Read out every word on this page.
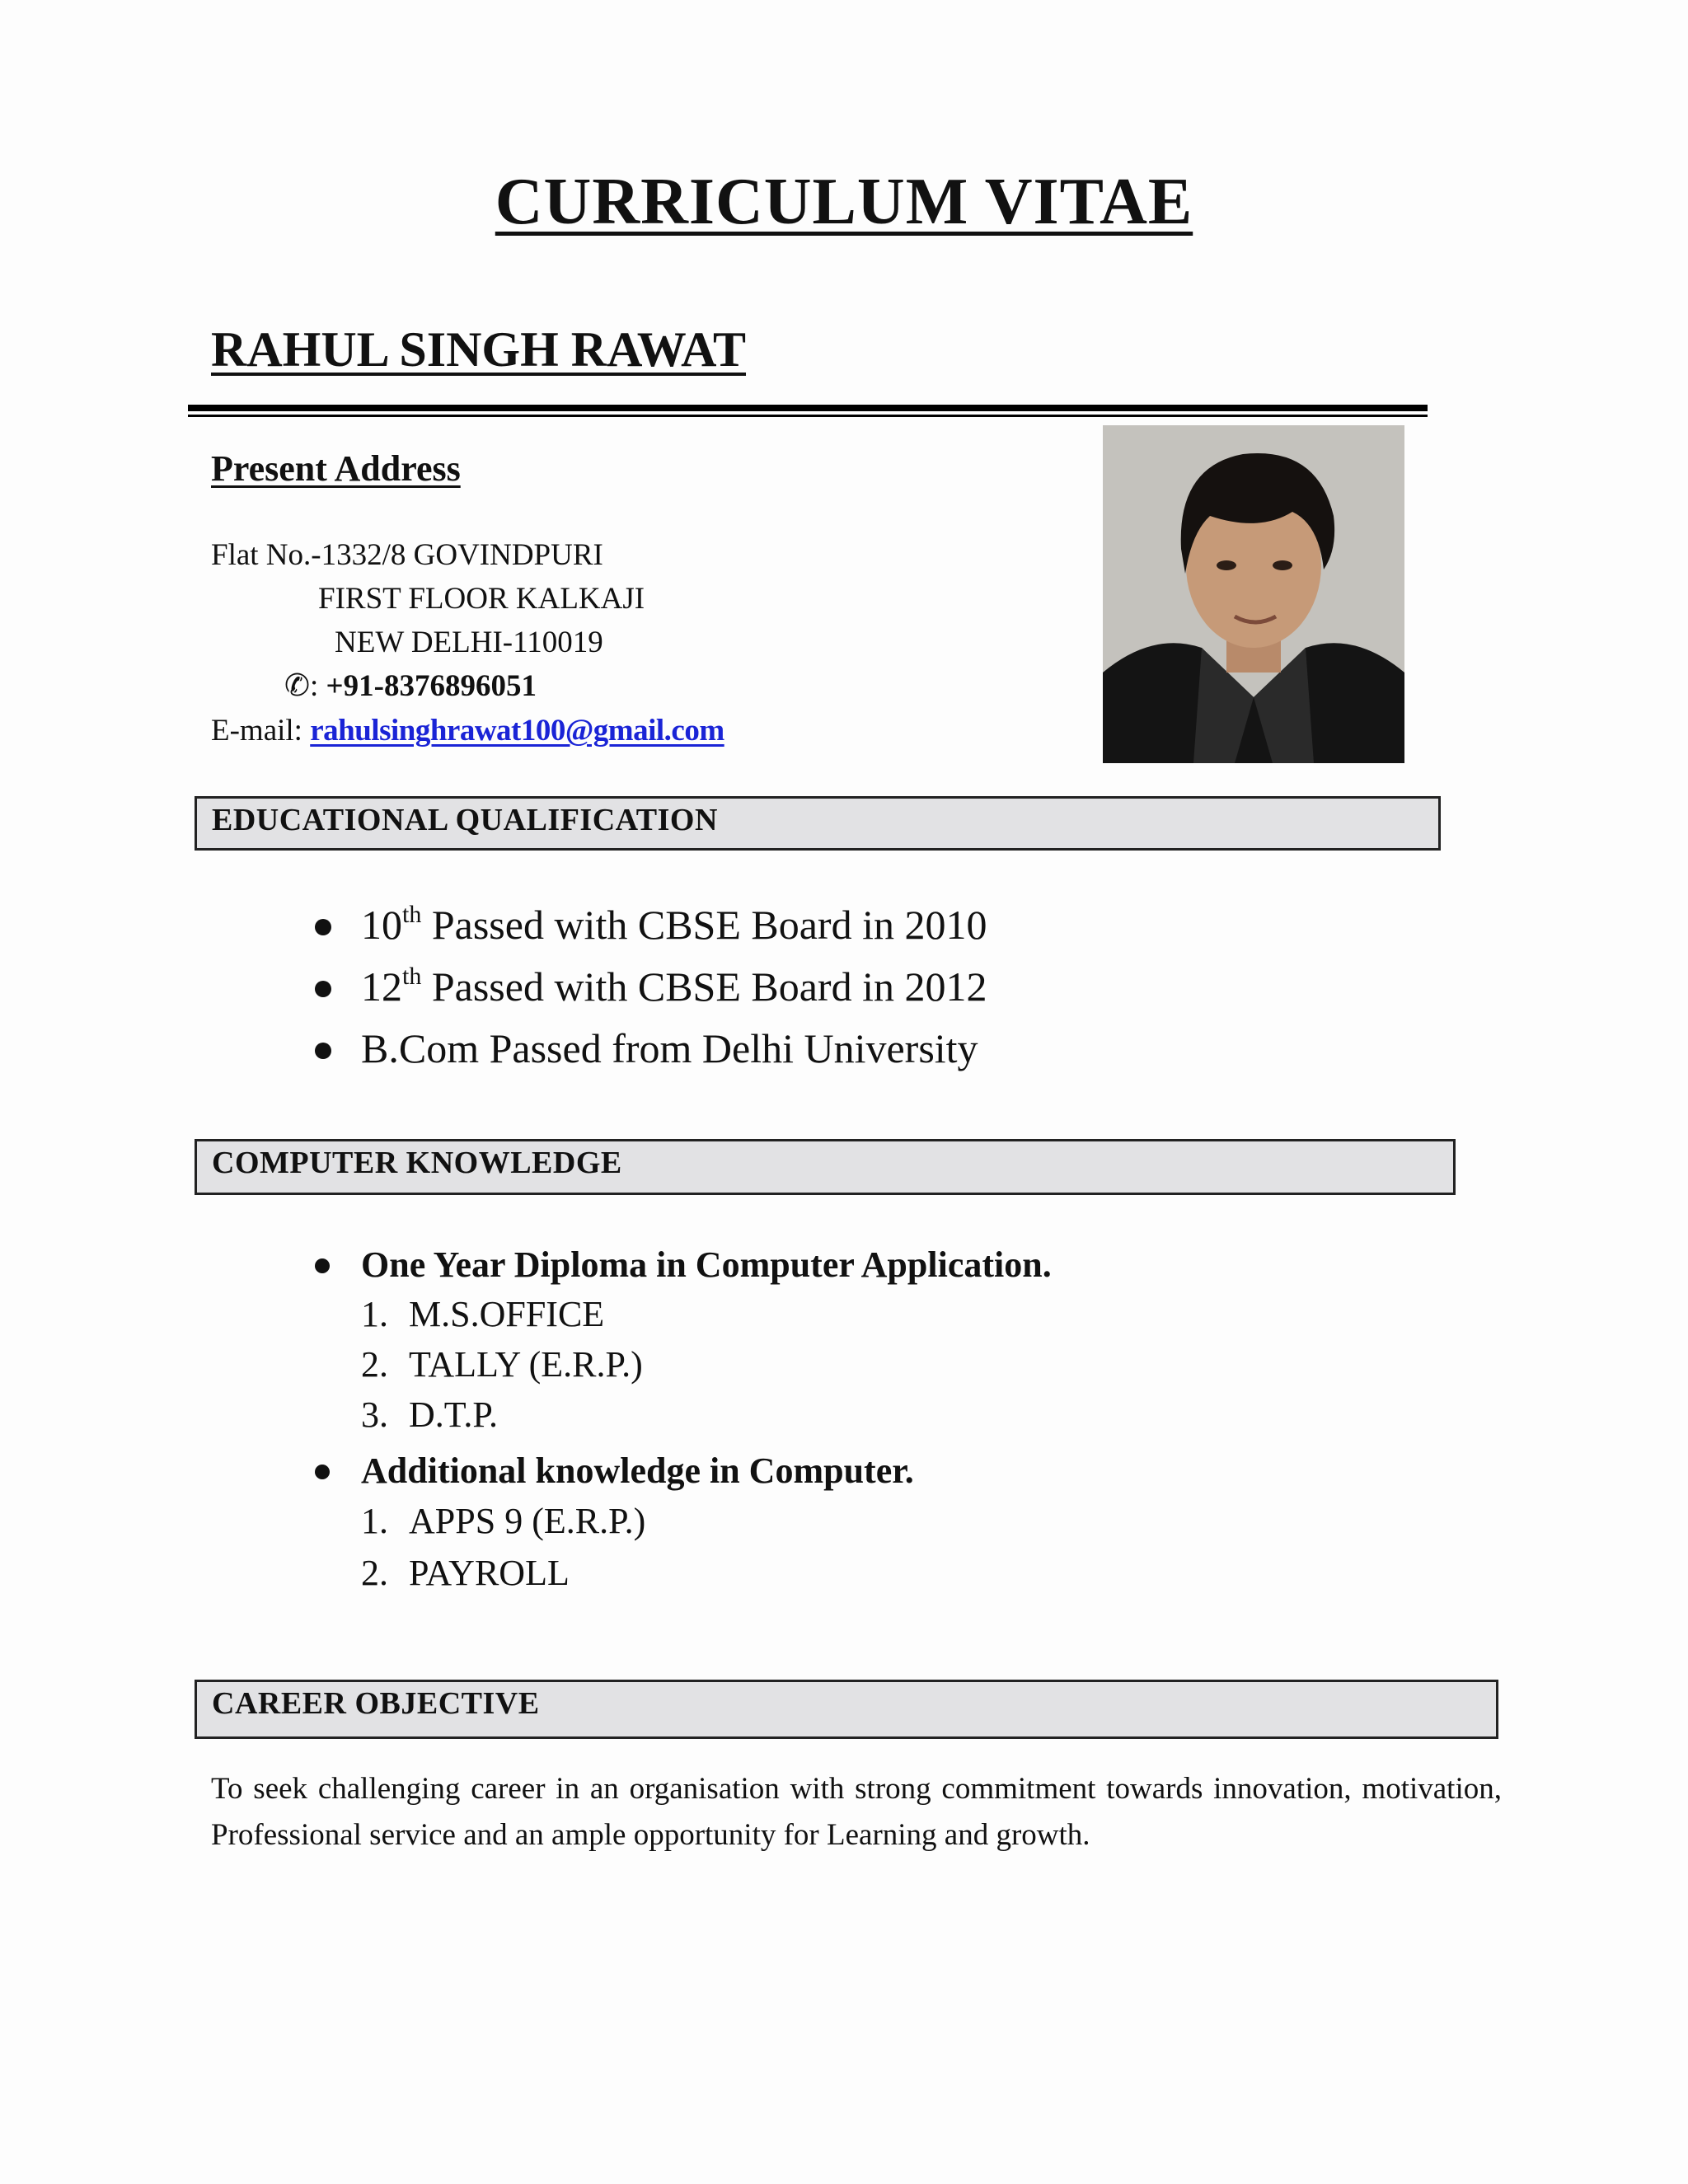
CURRICULUM VITAE
RAHUL SINGH RAWAT
Present Address
Flat No.-1332/8 GOVINDPURI
FIRST FLOOR KALKAJI
NEW DELHI-110019
✆: +91-8376896051
E-mail: rahulsinghrawat100@gmail.com
EDUCATIONAL QUALIFICATION
10th Passed with CBSE Board in 2010
12th Passed with CBSE Board in 2012
B.Com Passed from Delhi University
COMPUTER KNOWLEDGE
One Year Diploma in Computer Application.
1. M.S.OFFICE
2. TALLY (E.R.P.)
3. D.T.P.
Additional knowledge in Computer.
1. APPS 9 (E.R.P.)
2. PAYROLL
CAREER OBJECTIVE
To seek challenging career in an organisation with strong commitment towards innovation, motivation, Professional service and an ample opportunity for Learning and growth.
